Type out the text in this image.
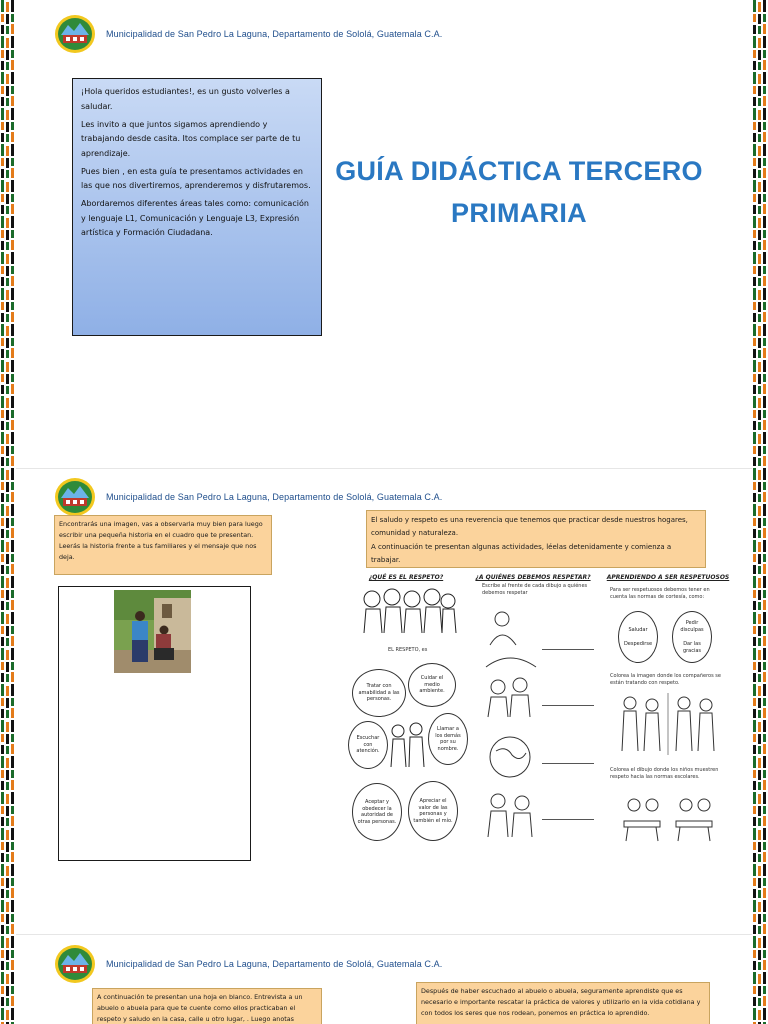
Municipalidad de San Pedro La Laguna, Departamento de Sololá, Guatemala C.A.

¡Hola queridos estudiantes!, es un gusto volverles a saludar.

Les invito a que juntos sigamos aprendiendo y trabajando desde casita. Itos complace ser parte de tu aprendizaje.

Pues bien , en esta guía te presentamos actividades en las que nos divertiremos, aprenderemos y disfrutaremos.

Abordaremos diferentes áreas tales como: comunicación y lenguaje L1, Comunicación y Lenguaje L3, Expresión artística y Formación Ciudadana.

GUÍA DIDÁCTICA TERCERO
PRIMARIA
Municipalidad de San Pedro La Laguna, Departamento de Sololá, Guatemala C.A.

Encontrarás una imagen, vas a observarla muy bien para luego escribir una pequeña historia en el cuadro que te presentan. Leerás la historia frente a tus familiares y el mensaje que nos deja.

El saludo y respeto es una reverencia que tenemos que practicar desde nuestros hogares, comunidad y naturaleza.

A continuación te presentan algunas actividades, léelas detenidamente y comienza a trabajar.

¿QUÉ ES EL RESPETO?
EL RESPETO, es
Tratar con amabilidad a las personas.
Cuidar el medio ambiente.
Escuchar con atención.
Llamar a los demás por su nombre.
Aceptar y obedecer la autoridad de otras personas.
Apreciar el valor de las personas y también el mío.
¿A QUIÉNES DEBEMOS RESPETAR?
Escribe al frente de cada dibujo a quiénes debemos respetar
APRENDIENDO A SER RESPETUOSOS
Para ser respetuosos debemos tener en cuenta las normas de cortesía, como:
Saludar
Despedirse
Pedir disculpas
Dar las gracias
Colorea la imagen donde los compañeros se están tratando con respeto.
Colorea el dibujo donde los niños muestren respeto hacia las normas escolares.
Municipalidad de San Pedro La Laguna, Departamento de Sololá, Guatemala C.A.

A continuación te presentan una hoja en blanco. Entrevista a un abuelo o abuela para que te cuente como ellos practicaban el respeto y saludo en la casa, calle u otro lugar, . Luego anotas

Después de haber escuchado al abuelo o abuela, seguramente aprendiste que es necesario e importante rescatar la práctica de valores y utilizarlo en la vida cotidiana y con todos los seres que nos rodean, ponemos en práctica lo aprendido.
